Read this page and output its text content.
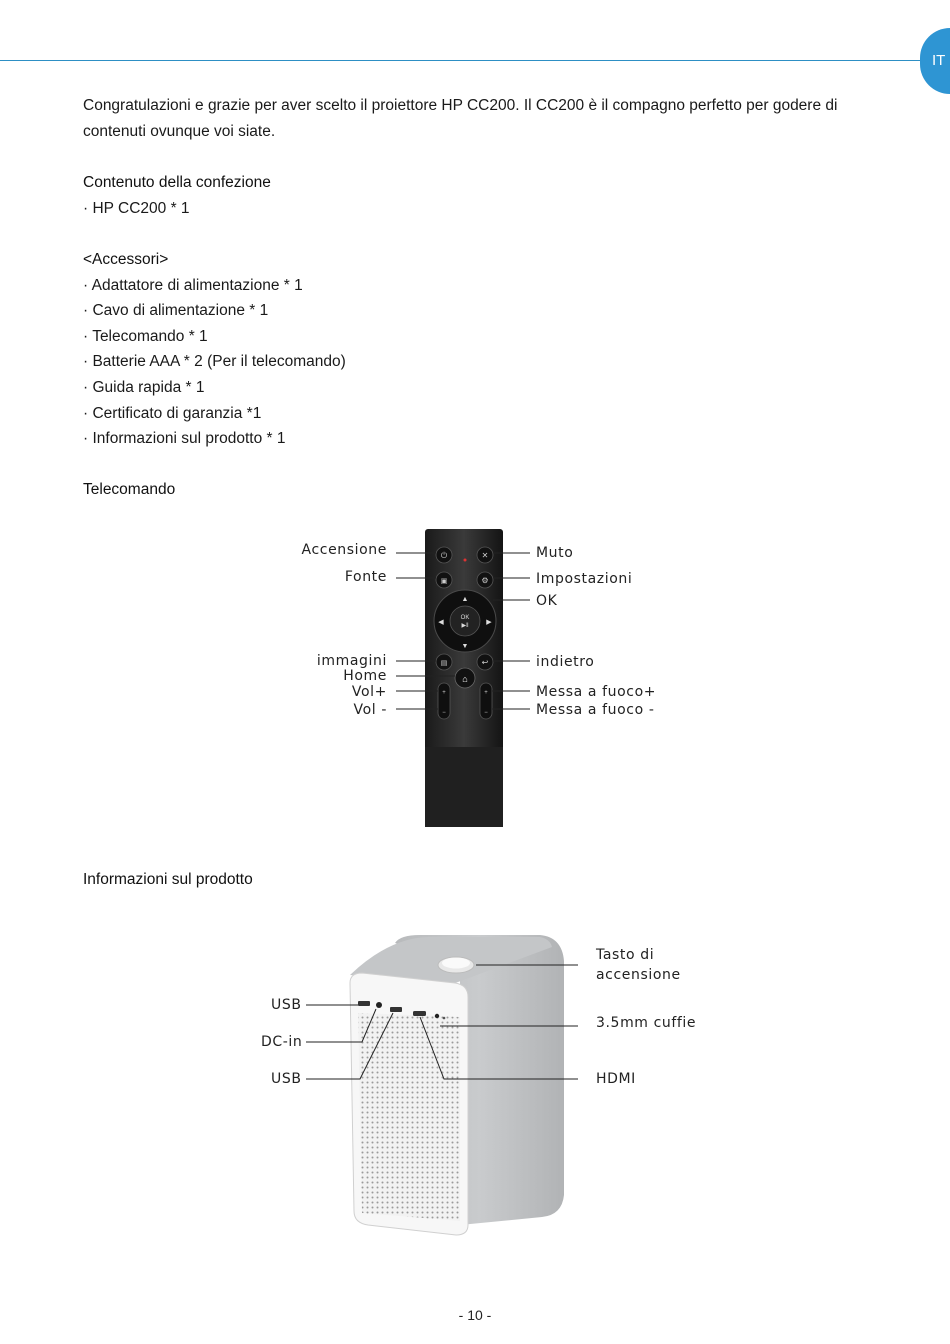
IT

Congratulazioni e grazie per aver scelto il proiettore HP CC200. Il CC200 è il compagno perfetto per godere di contenuti ovunque voi siate.

Contenuto della confezione
· HP CC200 * 1
<Accessori>
· Adattatore di alimentazione * 1
· Cavo di alimentazione * 1
· Telecomando * 1
· Batterie AAA * 2 (Per il telecomando)
· Guida rapida * 1
· Certificato di garanzia *1
· Informazioni sul prodotto * 1
Telecomando
⏻	✕
▣	⚙
OK
▶‖
▲
▼
◀	▶
▤	↩
⌂
+
−
+
−
Accensione
Fonte
immagini
Home
Vol+
Vol -
Muto
Impostazioni
OK
indietro
Messa a fuoco+
Messa a fuoco -
Informazioni sul prodotto
USB
DC-in
USB
Tasto di accensione
3.5mm cuffie
HDMI
- 10 -
